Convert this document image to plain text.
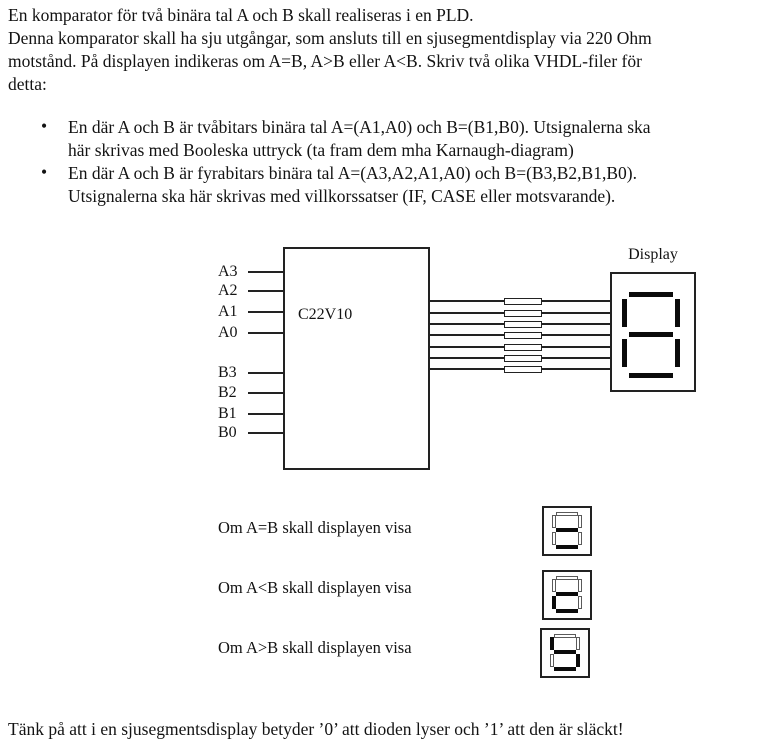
En komparator för två binära tal A och B skall realiseras i en PLD.
Denna komparator skall ha sju utgångar, som ansluts till en sjusegmentdisplay via 220 Ohm
motstånd. På displayen indikeras om A=B, A>B eller A<B. Skriv två olika VHDL-filer för
detta:
• En där A och B är tvåbitars binära tal A=(A1,A0) och B=(B1,B0). Utsignalerna ska
här skrivas med Booleska uttryck (ta fram dem mha Karnaugh-diagram)
• En där A och B är fyrabitars binära tal A=(A3,A2,A1,A0) och B=(B3,B2,B1,B0).
Utsignalerna ska här skrivas med villkorssatser (IF, CASE eller motsvarande).
A3
A2
A1
A0
B3
B2
B1
B0
C22V10
Display
Om A=B skall displayen visa
Om A<B skall displayen visa
Om A>B skall displayen visa
Tänk på att i en sjusegmentsdisplay betyder ’0’ att dioden lyser och ’1’ att den är släckt!
